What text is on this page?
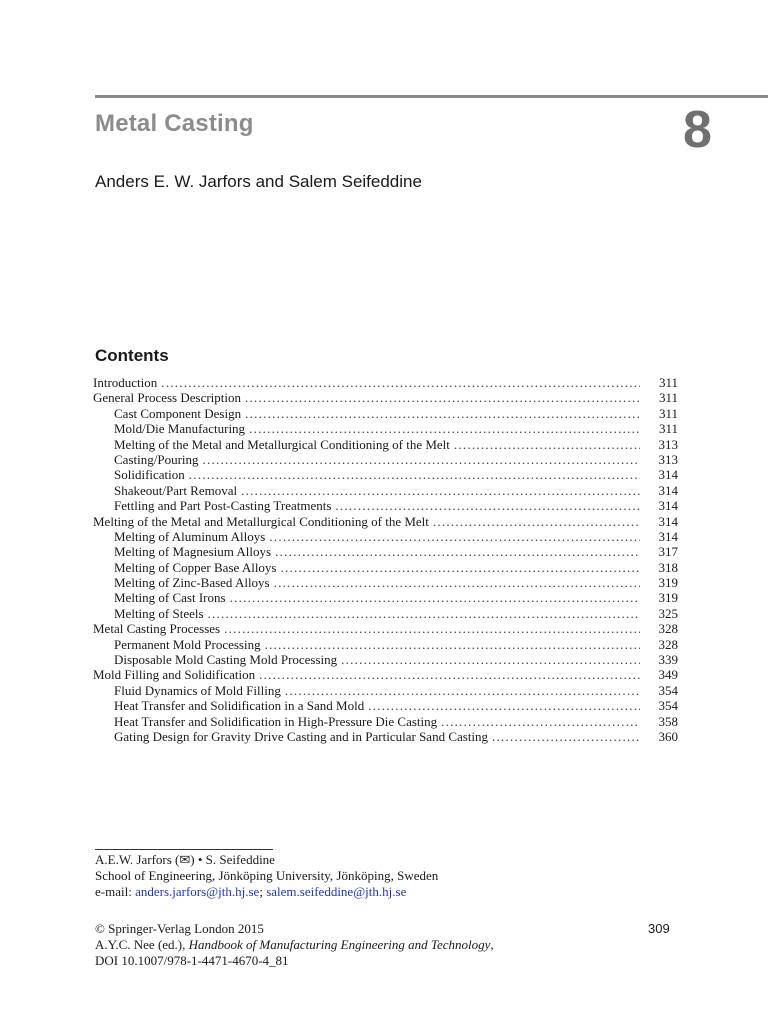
Metal Casting	8
Anders E. W. Jarfors and Salem Seifeddine
Contents
Introduction . . .	311
General Process Description . . .	311
Cast Component Design . . .	311
Mold/Die Manufacturing . . .	311
Melting of the Metal and Metallurgical Conditioning of the Melt . . .	313
Casting/Pouring . . .	313
Solidification . . .	314
Shakeout/Part Removal . . .	314
Fettling and Part Post-Casting Treatments . . .	314
Melting of the Metal and Metallurgical Conditioning of the Melt . . .	314
Melting of Aluminum Alloys . . .	314
Melting of Magnesium Alloys . . .	317
Melting of Copper Base Alloys . . .	318
Melting of Zinc-Based Alloys . . .	319
Melting of Cast Irons . . .	319
Melting of Steels . . .	325
Metal Casting Processes . . .	328
Permanent Mold Processing . . .	328
Disposable Mold Casting Mold Processing . . .	339
Mold Filling and Solidification . . .	349
Fluid Dynamics of Mold Filling . . .	354
Heat Transfer and Solidification in a Sand Mold . . .	354
Heat Transfer and Solidification in High-Pressure Die Casting . . .	358
Gating Design for Gravity Drive Casting and in Particular Sand Casting . . .	360
A.E.W. Jarfors (✉) • S. Seifeddine
School of Engineering, Jönköping University, Jönköping, Sweden
e-mail: anders.jarfors@jth.hj.se; salem.seifeddine@jth.hj.se
© Springer-Verlag London 2015
A.Y.C. Nee (ed.), Handbook of Manufacturing Engineering and Technology,
DOI 10.1007/978-1-4471-4670-4_81
309
